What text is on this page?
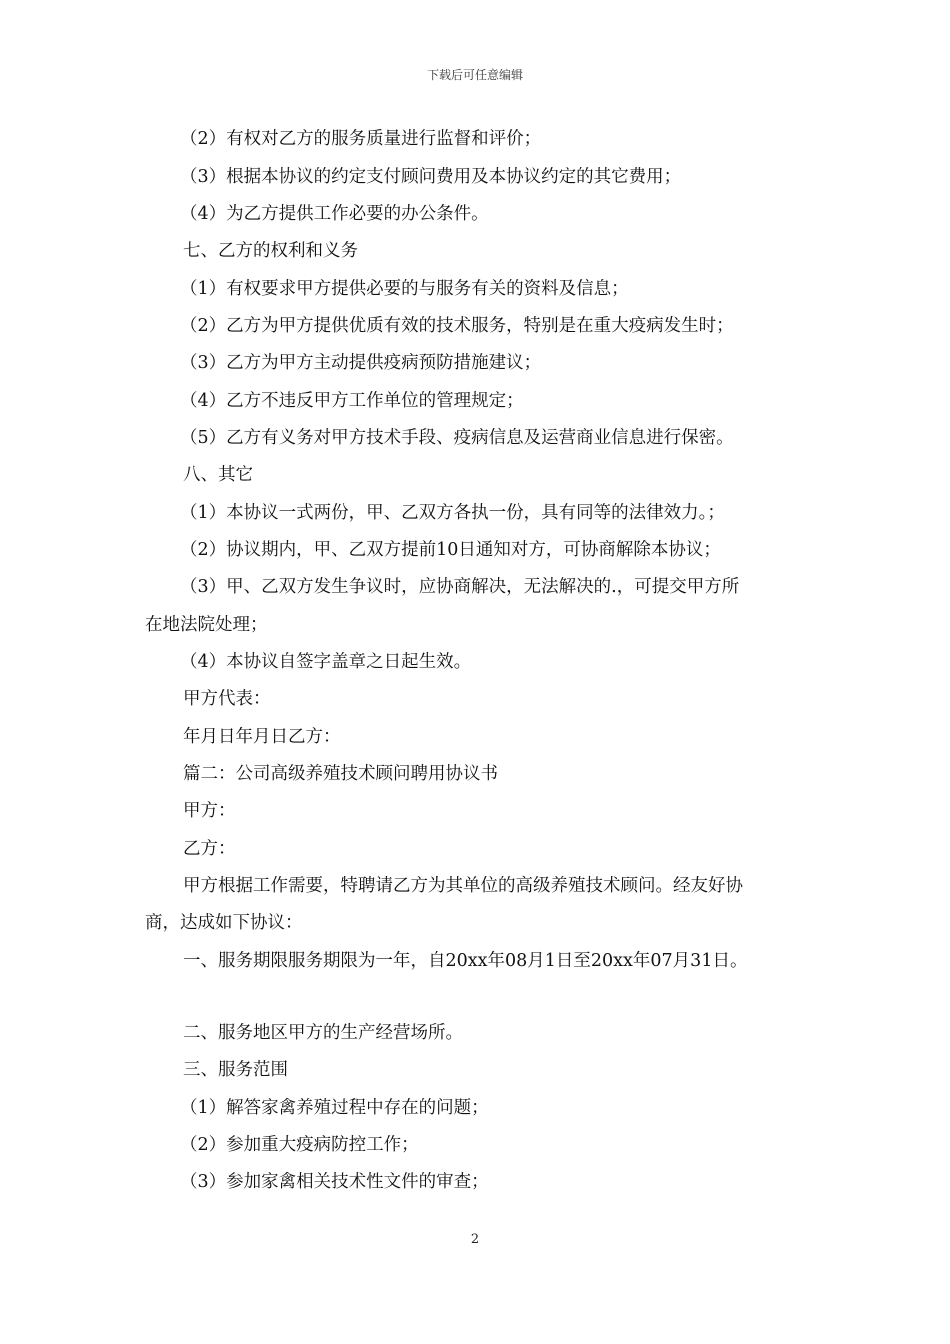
下载后可任意编辑
（2）有权对乙方的服务质量进行监督和评价；
（3）根据本协议的约定支付顾问费用及本协议约定的其它费用；
（4）为乙方提供工作必要的办公条件。
七、乙方的权利和义务
（1）有权要求甲方提供必要的与服务有关的资料及信息；
（2）乙方为甲方提供优质有效的技术服务，特别是在重大疫病发生时；
（3）乙方为甲方主动提供疫病预防措施建议；
（4）乙方不违反甲方工作单位的管理规定；
（5）乙方有义务对甲方技术手段、疫病信息及运营商业信息进行保密。
八、其它
（1）本协议一式两份，甲、乙双方各执一份，具有同等的法律效力。；
（2）协议期内，甲、乙双方提前10日通知对方，可协商解除本协议；
（3）甲、乙双方发生争议时，应协商解决，无法解决的.，可提交甲方所
在地法院处理；
（4）本协议自签字盖章之日起生效。
甲方代表：
年月日年月日乙方：
篇二：公司高级养殖技术顾问聘用协议书
甲方：
乙方：
甲方根据工作需要，特聘请乙方为其单位的高级养殖技术顾问。经友好协
商，达成如下协议：
一、服务期限服务期限为一年，自20xx年08月1日至20xx年07月31日。
二、服务地区甲方的生产经营场所。
三、服务范围
（1）解答家禽养殖过程中存在的问题；
（2）参加重大疫病防控工作；
（3）参加家禽相关技术性文件的审查；
2
